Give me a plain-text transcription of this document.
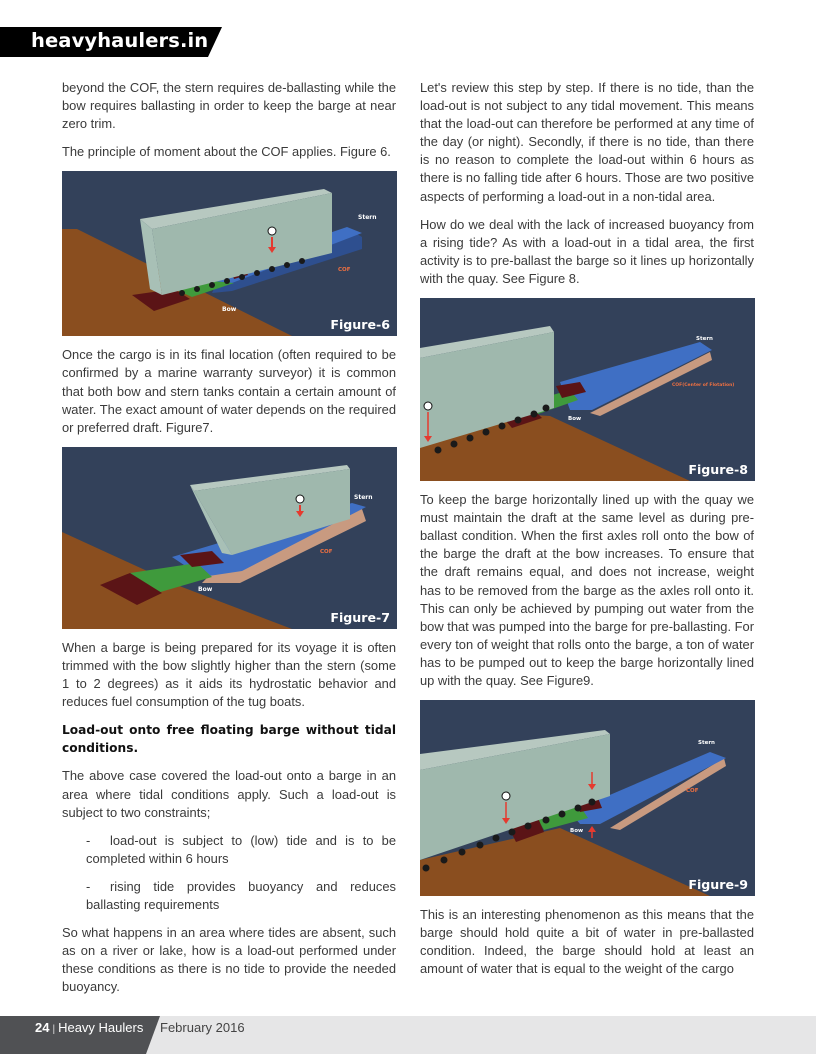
heavyhaulers.in

beyond the COF, the stern requires de-ballasting while the bow requires ballasting in order to keep the barge at near zero trim.

The principle of moment about the COF applies. Figure 6.

Stern
Bow
COF
Figure-6

Once the cargo is in its final location (often required to be confirmed by a marine warranty surveyor) it is common that both bow and stern tanks contain a certain amount of water. The exact amount of water depends on the required or preferred draft. Figure7.

Stern
Bow
COF
Figure-7

When a barge is being prepared for its voyage it is often trimmed with the bow slightly higher than the stern (some 1 to 2 degrees) as it aids its hydrostatic behavior and reduces fuel consumption of the tug boats.

Load-out onto free floating barge without tidal conditions.

The above case covered the load-out onto a barge in an area where tidal conditions apply. Such a load-out is subject to two constraints;

- load-out is subject to (low) tide and is to be completed within 6 hours
- rising tide provides buoyancy and reduces ballasting requirements

So what happens in an area where tides are absent, such as on a river or lake, how is a load-out performed under these conditions as there is no tide to provide the needed buoyancy.

Let's review this step by step. If there is no tide, than the load-out is not subject to any tidal movement. This means that the load-out can therefore be performed at any time of the day (or night). Secondly, if there is no tide, than there is no reason to complete the load-out within 6 hours as there is no falling tide after 6 hours. Those are two positive aspects of performing a load-out in a non-tidal area.

How do we deal with the lack of increased buoyancy from a rising tide? As with a load-out in a tidal area, the first activity is to pre-ballast the barge so it lines up horizontally with the quay. See Figure 8.

Stern
Bow
COF(Center of Flotation)
Figure-8

To keep the barge horizontally lined up with the quay we must maintain the draft at the same level as during pre-ballast condition. When the first axles roll onto the bow of the barge the draft at the bow increases. To ensure that the draft remains equal, and does not increase, weight has to be removed from the barge as the axles roll onto it. This can only be achieved by pumping out water from the bow that was pumped into the barge for pre-ballasting. For every ton of weight that rolls onto the barge, a ton of water has to be pumped out to keep the barge horizontally lined up with the quay. See Figure9.

Stern
Bow
COF
Figure-9

This is an interesting phenomenon as this means that the barge should hold quite a bit of water in pre-ballasted condition. Indeed, the barge should hold at least an amount of water that is equal to the weight of the cargo

24 | Heavy Haulers February 2016
